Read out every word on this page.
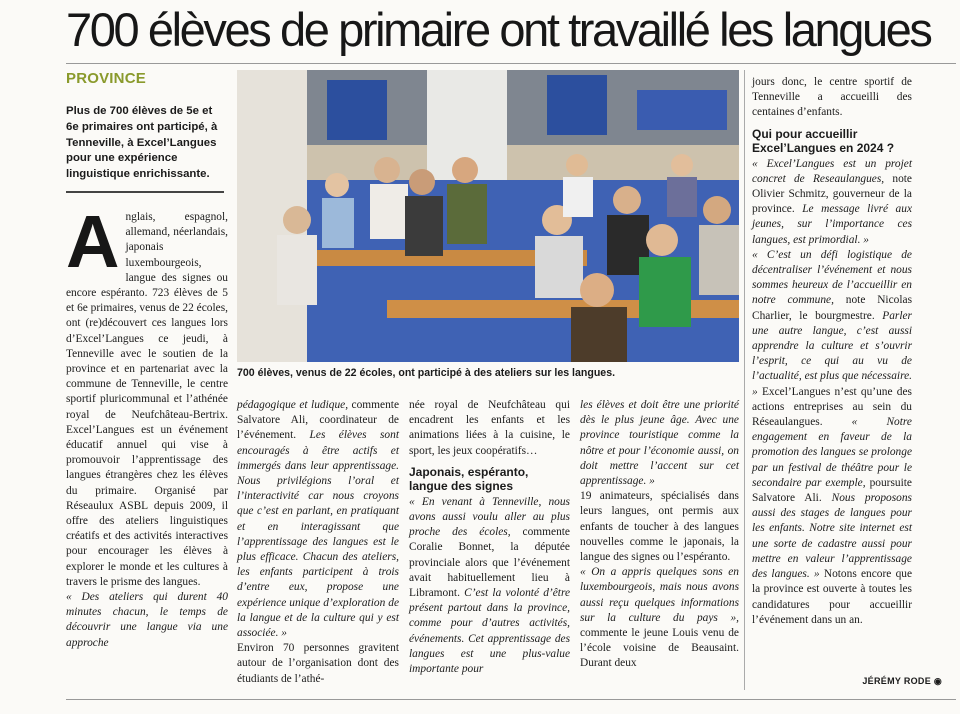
700 élèves de primaire ont travaillé les langues
PROVINCE
Plus de 700 élèves de 5e et 6e primaires ont participé, à Tenneville, à Excel’Langues pour une expérience linguistique enrichissante.

Anglais, espagnol, allemand, néerlandais, japonais luxembourgeois, langue des signes ou encore espéranto. 723 élèves de 5 et 6e primaires, venus de 22 écoles, ont (re)découvert ces langues lors d’Excel’Langues ce jeudi, à Tenneville avec le soutien de la province et en partenariat avec la commune de Tenneville, le centre sportif pluricommunal et l’athénée royal de Neufchâteau-Bertrix. Excel’Langues est un événement éducatif annuel qui vise à promouvoir l’apprentissage des langues étrangères chez les élèves du primaire. Organisé par Réseaulux ASBL depuis 2009, il offre des ateliers linguistiques créatifs et des activités interactives pour encourager les élèves à explorer le monde et les cultures à travers le prisme des langues.

« Des ateliers qui durent 40 minutes chacun, le temps de découvrir une langue via une approche

700 élèves, venus de 22 écoles, ont participé à des ateliers sur les langues.

pédagogique et ludique, commente Salvatore Ali, coordinateur de l’événement. Les élèves sont encouragés à être actifs et immergés dans leur apprentissage. Nous privilégions l’oral et l’interactivité car nous croyons que c’est en parlant, en pratiquant et en interagissant que l’apprentissage des langues est le plus efficace. Chacun des ateliers, les enfants participent à trois d’entre eux, propose une expérience unique d’exploration de la langue et de la culture qui y est associée. »

Environ 70 personnes gravitent autour de l’organisation dont des étudiants de l’athé-

née royal de Neufchâteau qui encadrent les enfants et les animations liées à la cuisine, le sport, les jeux coopératifs…

Japonais, espéranto, langue des signes

« En venant à Tenneville, nous avons aussi voulu aller au plus proche des écoles, commente Coralie Bonnet, la députée provinciale alors que l’événement avait habituellement lieu à Libramont. C’est la volonté d’être présent partout dans la province, comme pour d’autres activités, événements. Cet apprentissage des langues est une plus-value importante pour

les élèves et doit être une priorité dès le plus jeune âge. Avec une province touristique comme la nôtre et pour l’économie aussi, on doit mettre l’accent sur cet apprentissage. »

19 animateurs, spécialisés dans leurs langues, ont permis aux enfants de toucher à des langues nouvelles comme le japonais, la langue des signes ou l’espéranto.

« On a appris quelques sons en luxembourgeois, mais nous avons aussi reçu quelques informations sur la culture du pays », commente le jeune Louis venu de l’école voisine de Beausaint. Durant deux

jours donc, le centre sportif de Tenneville a accueilli des centaines d’enfants.

Qui pour accueillir Excel’Langues en 2024 ?

« Excel’Langues est un projet concret de Reseaulangues, note Olivier Schmitz, gouverneur de la province. Le message livré aux jeunes, sur l’importance ces langues, est primordial. »

« C’est un défi logistique de décentraliser l’événement et nous sommes heureux de l’accueillir en notre commune, note Nicolas Charlier, le bourgmestre. Parler une autre langue, c’est aussi apprendre la culture et s’ouvrir l’esprit, ce qui au vu de l’actualité, est plus que nécessaire. » Excel’Langues n’est qu’une des actions entreprises au sein du Réseaulangues. « Notre engagement en faveur de la promotion des langues se prolonge par un festival de théâtre pour le secondaire par exemple, poursuite Salvatore Ali. Nous proposons aussi des stages de langues pour les enfants. Notre site internet est une sorte de cadastre aussi pour mettre en valeur l’apprentissage des langues. » Notons encore que la province est ouverte à toutes les candidatures pour accueillir l’événement dans un an.

JÉRÉMY RODE ◉
